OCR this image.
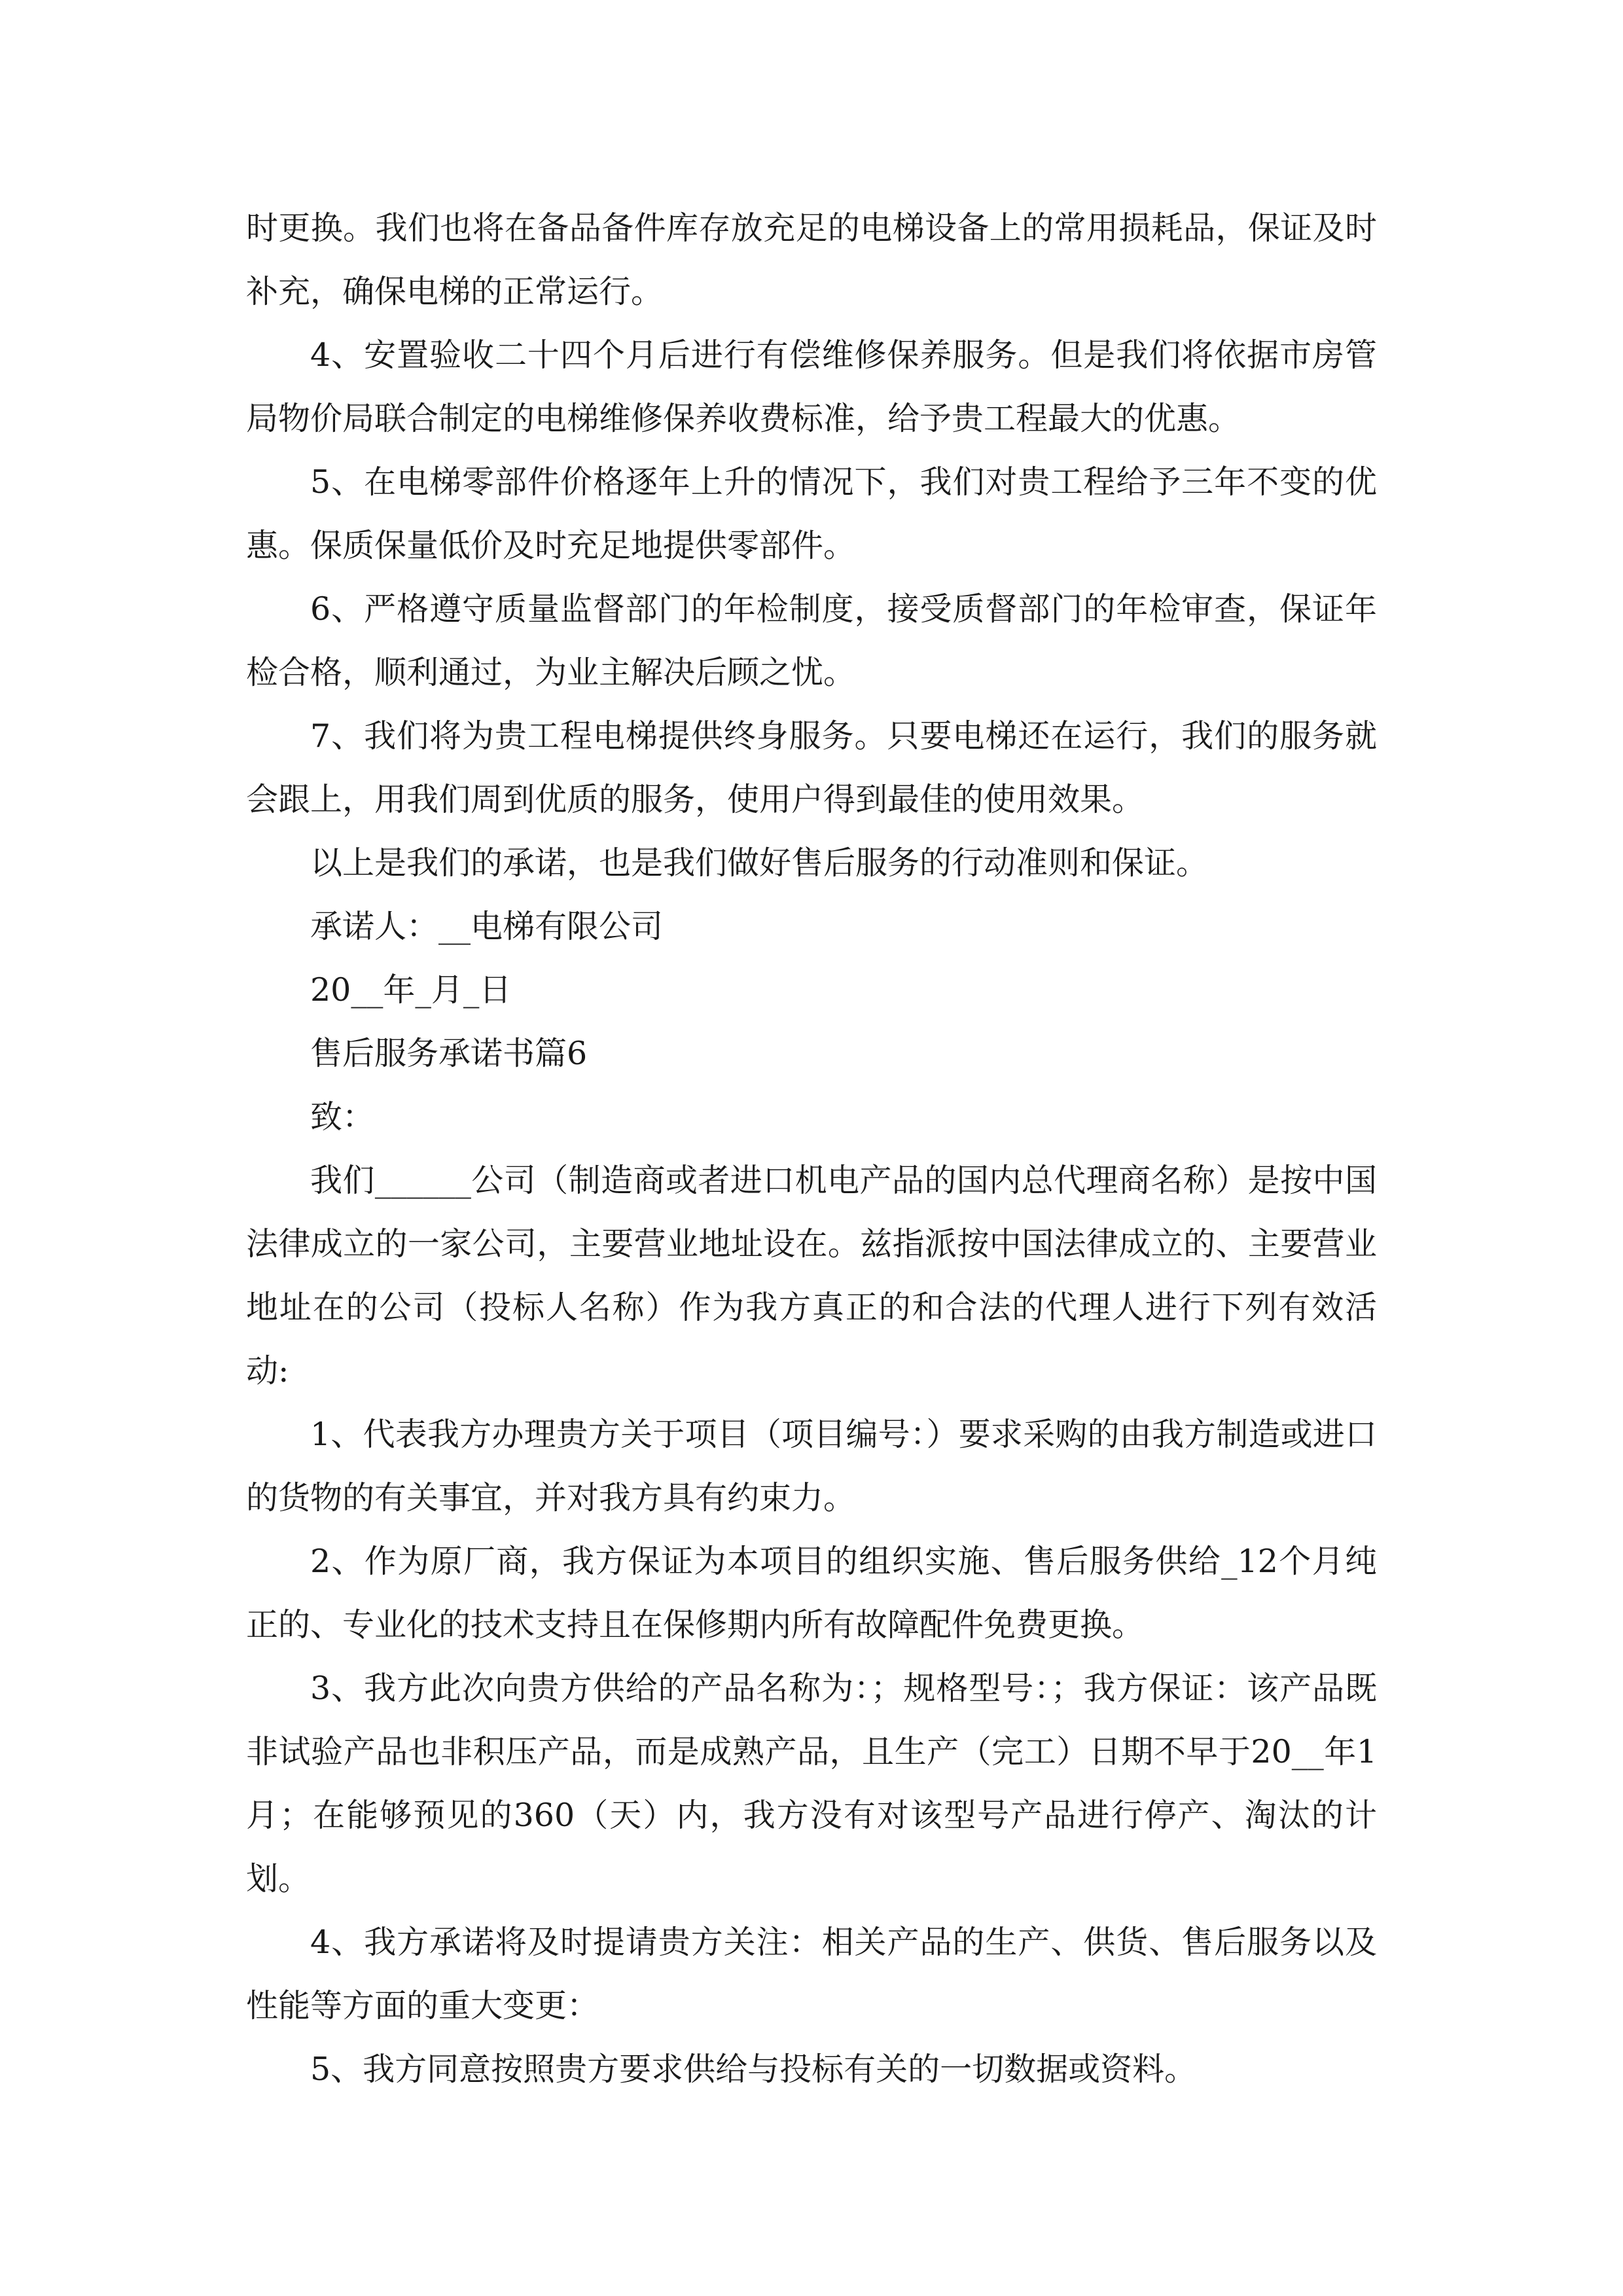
时更换。我们也将在备品备件库存放充足的电梯设备上的常用损耗品，保证及时补充，确保电梯的正常运行。

4、安置验收二十四个月后进行有偿维修保养服务。但是我们将依据市房管局物价局联合制定的电梯维修保养收费标准，给予贵工程最大的优惠。

5、在电梯零部件价格逐年上升的情况下，我们对贵工程给予三年不变的优惠。保质保量低价及时充足地提供零部件。

6、严格遵守质量监督部门的年检制度，接受质督部门的年检审查，保证年检合格，顺利通过，为业主解决后顾之忧。

7、我们将为贵工程电梯提供终身服务。只要电梯还在运行，我们的服务就会跟上，用我们周到优质的服务，使用户得到最佳的使用效果。

以上是我们的承诺，也是我们做好售后服务的行动准则和保证。

承诺人：__电梯有限公司

20__年_月_日

售后服务承诺书篇6

致：

我们______公司（制造商或者进口机电产品的国内总代理商名称）是按中国法律成立的一家公司，主要营业地址设在。兹指派按中国法律成立的、主要营业地址在的公司（投标人名称）作为我方真正的和合法的代理人进行下列有效活动:

1、代表我方办理贵方关于项目（项目编号：）要求采购的由我方制造或进口的货物的有关事宜，并对我方具有约束力。

2、作为原厂商，我方保证为本项目的组织实施、售后服务供给_12个月纯正的、专业化的技术支持且在保修期内所有故障配件免费更换。

3、我方此次向贵方供给的产品名称为：；规格型号：；我方保证：该产品既非试验产品也非积压产品，而是成熟产品，且生产（完工）日期不早于20__年1月；在能够预见的360（天）内，我方没有对该型号产品进行停产、淘汰的计划。

4、我方承诺将及时提请贵方关注：相关产品的生产、供货、售后服务以及性能等方面的重大变更：

5、我方同意按照贵方要求供给与投标有关的一切数据或资料。
